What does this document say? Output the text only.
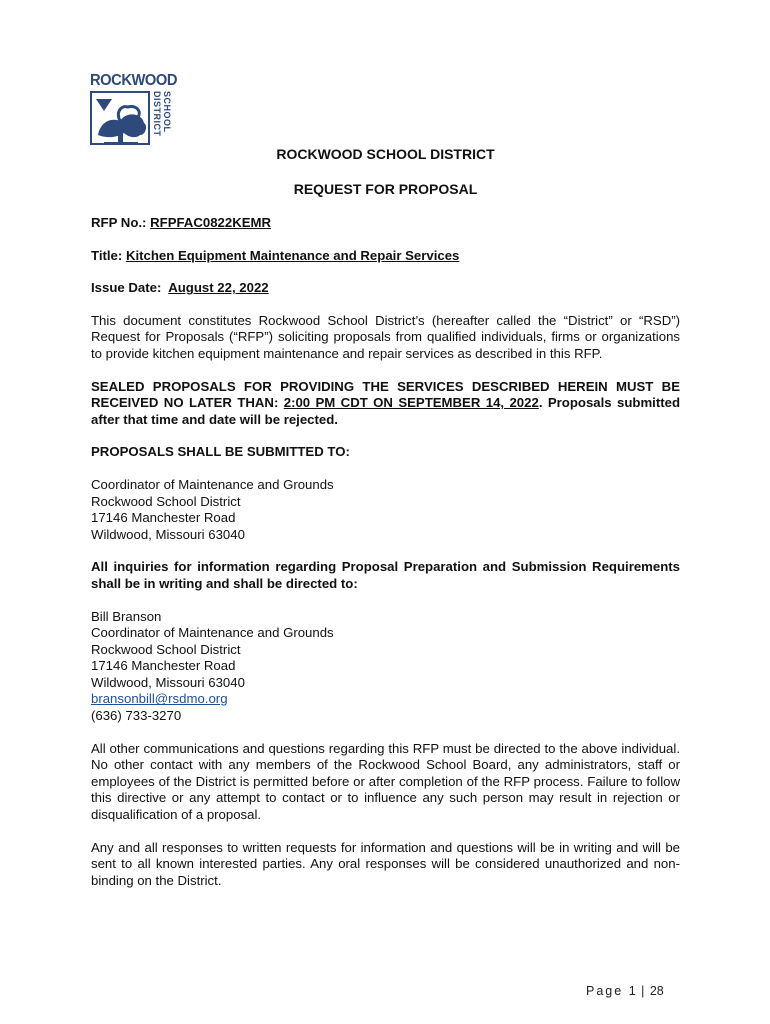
ROCKWOOD
SCHOOL DISTRICT
ROCKWOOD SCHOOL DISTRICT
REQUEST FOR PROPOSAL

RFP No.: RFPFAC0822KEMR

Title: Kitchen Equipment Maintenance and Repair Services

Issue Date: August 22, 2022

This document constitutes Rockwood School District’s (hereafter called the “District” or “RSD”) Request for Proposals (“RFP”) soliciting proposals from qualified individuals, firms or organizations to provide kitchen equipment maintenance and repair services as described in this RFP.

SEALED PROPOSALS FOR PROVIDING THE SERVICES DESCRIBED HEREIN MUST BE RECEIVED NO LATER THAN: 2:00 PM CDT ON SEPTEMBER 14, 2022. Proposals submitted after that time and date will be rejected.

PROPOSALS SHALL BE SUBMITTED TO:

Coordinator of Maintenance and Grounds

Rockwood School District

17146 Manchester Road

Wildwood, Missouri 63040

All inquiries for information regarding Proposal Preparation and Submission Requirements shall be in writing and shall be directed to:

Bill Branson

Coordinator of Maintenance and Grounds

Rockwood School District

17146 Manchester Road

Wildwood, Missouri 63040

bransonbill@rsdmo.org

(636) 733-3270

All other communications and questions regarding this RFP must be directed to the above individual. No other contact with any members of the Rockwood School Board, any administrators, staff or employees of the District is permitted before or after completion of the RFP process. Failure to follow this directive or any attempt to contact or to influence any such person may result in rejection or disqualification of a proposal.

Any and all responses to written requests for information and questions will be in writing and will be sent to all known interested parties. Any oral responses will be considered unauthorized and non-binding on the District.

Page 1 | 28
